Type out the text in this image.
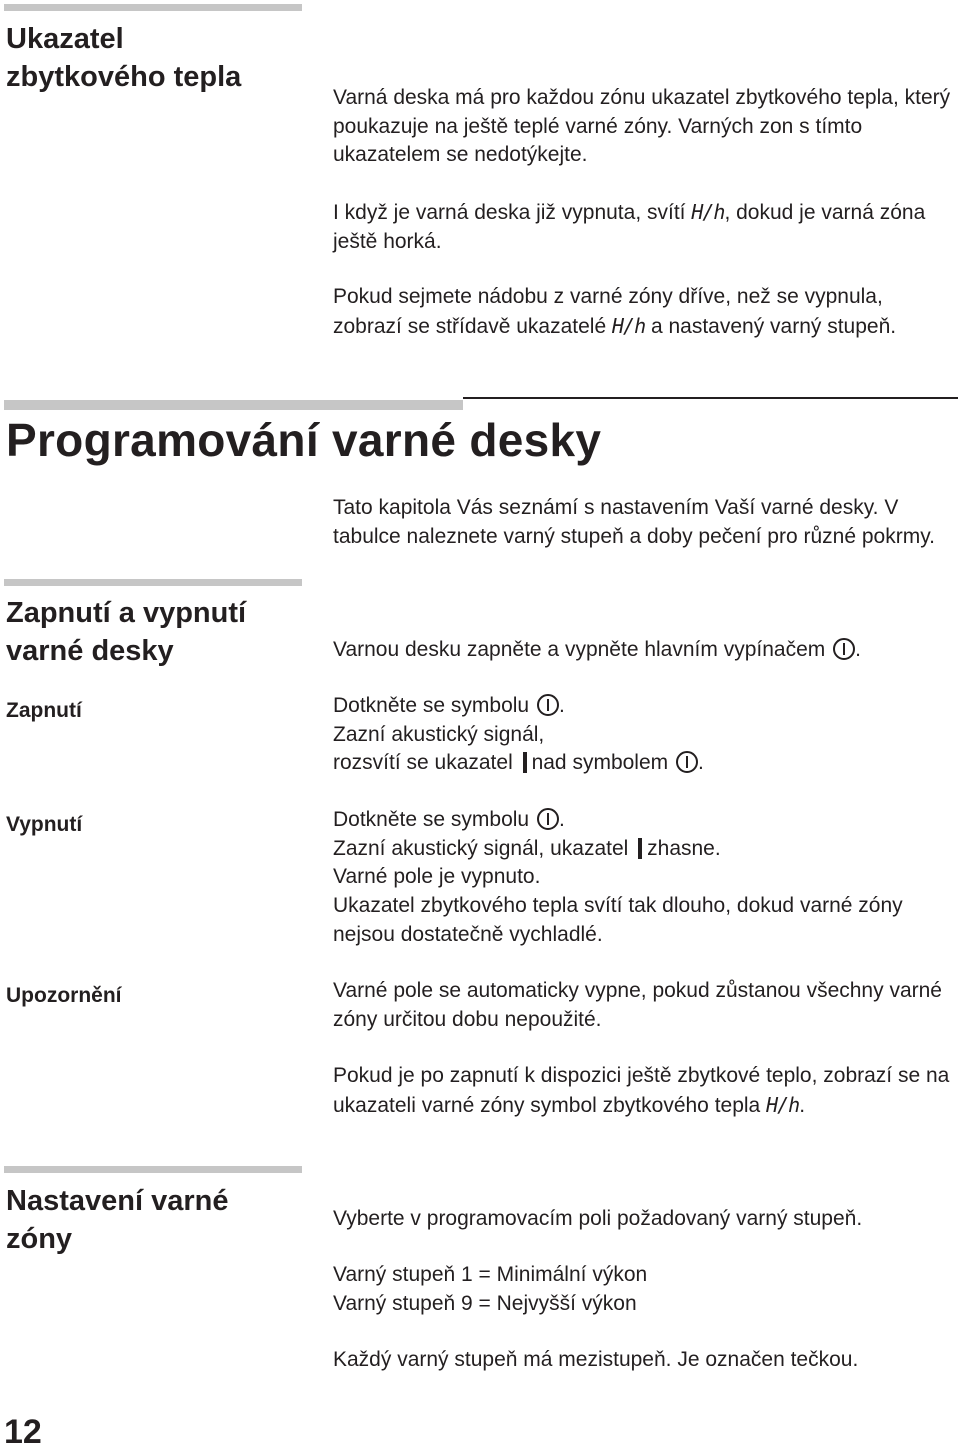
Ukazatel zbytkového tepla
Varná deska má pro každou zónu ukazatel zbytkového tepla, který poukazuje na ještě teplé varné zóny. Varných zon s tímto ukazatelem se nedotýkejte.
I když je varná deska již vypnuta, svítí H/h, dokud je varná zóna ještě horká.
Pokud sejmete nádobu z varné zóny dříve, než se vypnula, zobrazí se střídavě ukazatelé H/h a nastavený varný stupeň.
Programování varné desky
Tato kapitola Vás seznámí s nastavením Vaší varné desky. V tabulce naleznete varný stupeň a doby pečení pro různé pokrmy.
Zapnutí a vypnutí varné desky	Varnou desku zapněte a vypněte hlavním vypínačem .
Zapnutí	Dotkněte se symbolu .
Zazní akustický signál,
rozsvítí se ukazatel nad symbolem .
Vypnutí	Dotkněte se symbolu .
Zazní akustický signál, ukazatel zhasne.
Varné pole je vypnuto.
Ukazatel zbytkového tepla svítí tak dlouho, dokud varné zóny nejsou dostatečně vychladlé.
Upozornění	Varné pole se automaticky vypne, pokud zůstanou všechny varné zóny určitou dobu nepoužité.
Pokud je po zapnutí k dispozici ještě zbytkové teplo, zobrazí se na ukazateli varné zóny symbol zbytkového tepla H/h.
Nastavení varné zóny
Vyberte v programovacím poli požadovaný varný stupeň.
Varný stupeň 1 = Minimální výkon
Varný stupeň 9 = Nejvyšší výkon
Každý varný stupeň má mezistupeň. Je označen tečkou.
12
